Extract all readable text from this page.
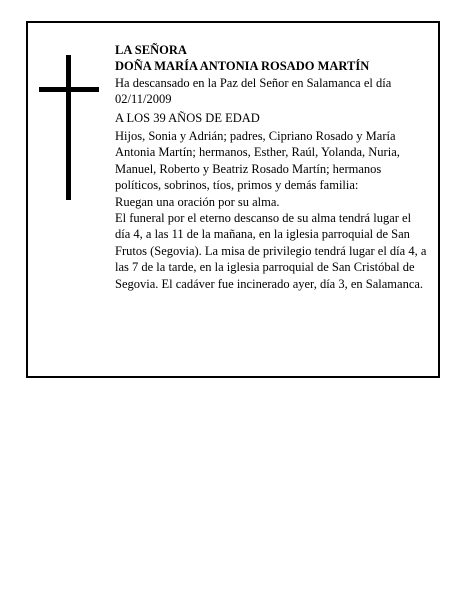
LA SEÑORA

DOÑA MARÍA ANTONIA ROSADO MARTÍN

Ha descansado en la Paz del Señor en Salamanca el día 02/11/2009

A LOS 39 AÑOS DE EDAD

Hijos, Sonia y Adrián; padres, Cipriano Rosado y María Antonia Martín; hermanos, Esther, Raúl, Yolanda, Nuria, Manuel, Roberto y Beatriz Rosado Martín; hermanos políticos, sobrinos, tíos, primos y demás familia:

Ruegan una oración por su alma.

El funeral por el eterno descanso de su alma tendrá lugar el día 4, a las 11 de la mañana, en la iglesia parroquial de San Frutos (Segovia). La misa de privilegio tendrá lugar el día 4, a las 7 de la tarde, en la iglesia parroquial de San Cristóbal de Segovia. El cadáver fue incinerado ayer, día 3, en Salamanca.
